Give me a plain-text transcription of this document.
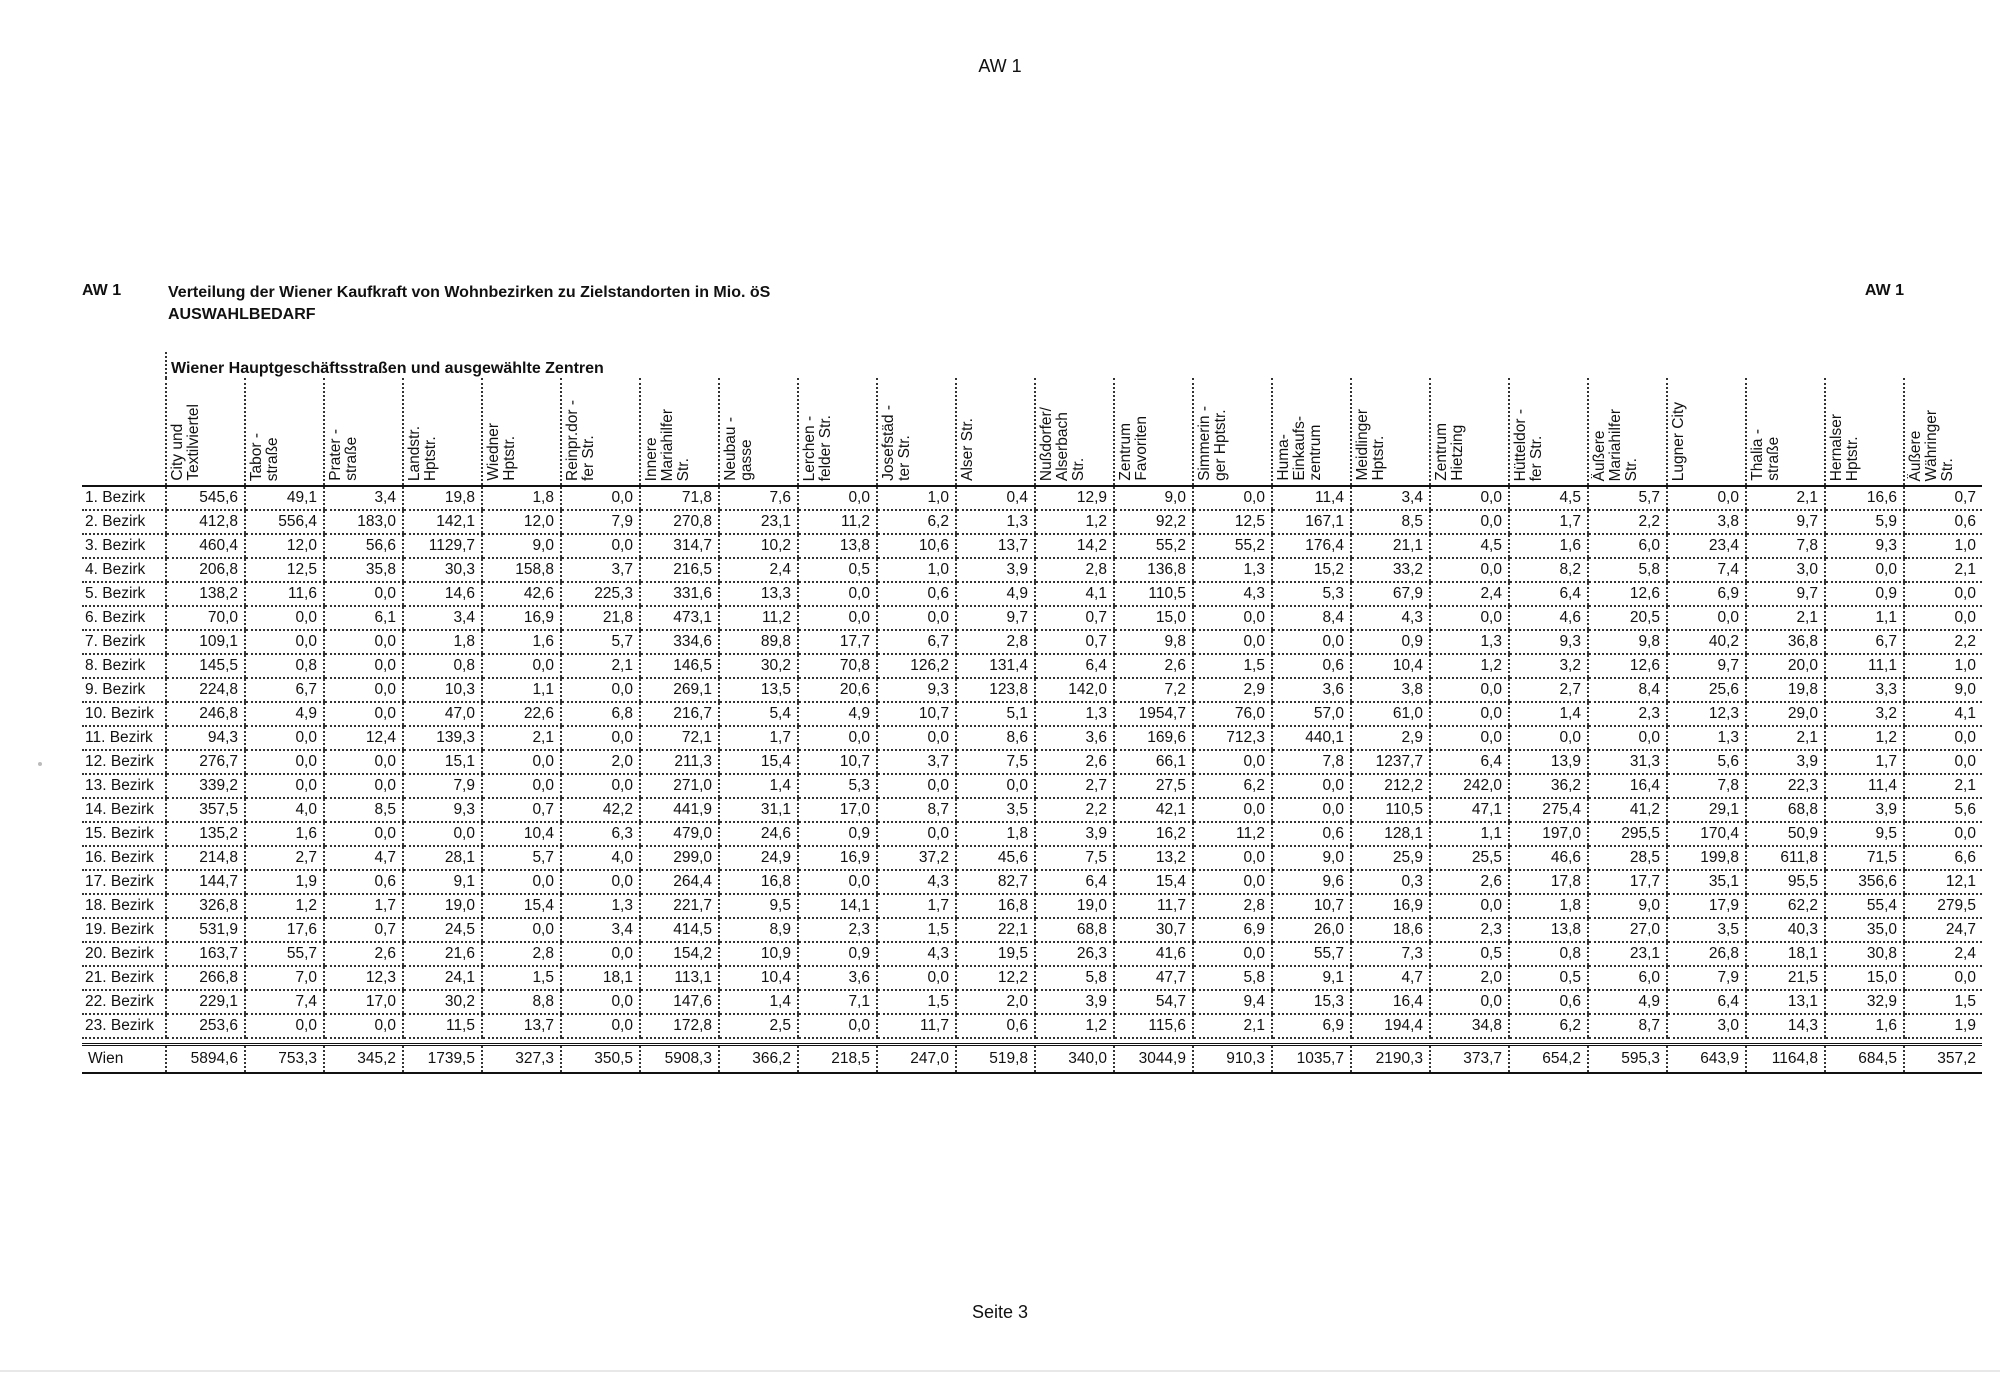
AW 1
AW 1	AW 1
Verteilung der Wiener Kaufkraft von Wohnbezirken zu Zielstandorten in Mio. öS
AUSWAHLBEDARF
	Wiener Hauptgeschäftsstraßen und ausgewählte Zentren																						

	City und
Textilviertel	Tabor -
straße	Prater -
straße	Landstr.
Hptstr.	Wiedner
Hptstr.	Reinpr.dor -
fer Str.	Innere
Mariahilfer
Str.	Neubau -
gasse	Lerchen -
felder Str.	Josefstäd -
ter Str.	Alser Str.	Nußdorfer/
Alserbach
Str.	Zentrum
Favoriten	Simmerin -
ger Hptstr.	Huma-
Einkaufs-
zentrum	Meidlinger
Hptstr.	Zentrum
Hietzing	Hütteldor -
fer Str.	Äußere
Mariahilfer
Str.	Lugner City	Thalia -
straße	Hernalser
Hptstr.	Äußere
Währinger
Str.

1. Bezirk	545,6	49,1	3,4	19,8	1,8	0,0	71,8	7,6	0,0	1,0	0,4	12,9	9,0	0,0	11,4	3,4	0,0	4,5	5,7	0,0	2,1	16,6	0,7
2. Bezirk	412,8	556,4	183,0	142,1	12,0	7,9	270,8	23,1	11,2	6,2	1,3	1,2	92,2	12,5	167,1	8,5	0,0	1,7	2,2	3,8	9,7	5,9	0,6
3. Bezirk	460,4	12,0	56,6	1129,7	9,0	0,0	314,7	10,2	13,8	10,6	13,7	14,2	55,2	55,2	176,4	21,1	4,5	1,6	6,0	23,4	7,8	9,3	1,0
4. Bezirk	206,8	12,5	35,8	30,3	158,8	3,7	216,5	2,4	0,5	1,0	3,9	2,8	136,8	1,3	15,2	33,2	0,0	8,2	5,8	7,4	3,0	0,0	2,1
5. Bezirk	138,2	11,6	0,0	14,6	42,6	225,3	331,6	13,3	0,0	0,6	4,9	4,1	110,5	4,3	5,3	67,9	2,4	6,4	12,6	6,9	9,7	0,9	0,0
6. Bezirk	70,0	0,0	6,1	3,4	16,9	21,8	473,1	11,2	0,0	0,0	9,7	0,7	15,0	0,0	8,4	4,3	0,0	4,6	20,5	0,0	2,1	1,1	0,0
7. Bezirk	109,1	0,0	0,0	1,8	1,6	5,7	334,6	89,8	17,7	6,7	2,8	0,7	9,8	0,0	0,0	0,9	1,3	9,3	9,8	40,2	36,8	6,7	2,2
8. Bezirk	145,5	0,8	0,0	0,8	0,0	2,1	146,5	30,2	70,8	126,2	131,4	6,4	2,6	1,5	0,6	10,4	1,2	3,2	12,6	9,7	20,0	11,1	1,0
9. Bezirk	224,8	6,7	0,0	10,3	1,1	0,0	269,1	13,5	20,6	9,3	123,8	142,0	7,2	2,9	3,6	3,8	0,0	2,7	8,4	25,6	19,8	3,3	9,0
10. Bezirk	246,8	4,9	0,0	47,0	22,6	6,8	216,7	5,4	4,9	10,7	5,1	1,3	1954,7	76,0	57,0	61,0	0,0	1,4	2,3	12,3	29,0	3,2	4,1
11. Bezirk	94,3	0,0	12,4	139,3	2,1	0,0	72,1	1,7	0,0	0,0	8,6	3,6	169,6	712,3	440,1	2,9	0,0	0,0	0,0	1,3	2,1	1,2	0,0
12. Bezirk	276,7	0,0	0,0	15,1	0,0	2,0	211,3	15,4	10,7	3,7	7,5	2,6	66,1	0,0	7,8	1237,7	6,4	13,9	31,3	5,6	3,9	1,7	0,0
13. Bezirk	339,2	0,0	0,0	7,9	0,0	0,0	271,0	1,4	5,3	0,0	0,0	2,7	27,5	6,2	0,0	212,2	242,0	36,2	16,4	7,8	22,3	11,4	2,1
14. Bezirk	357,5	4,0	8,5	9,3	0,7	42,2	441,9	31,1	17,0	8,7	3,5	2,2	42,1	0,0	0,0	110,5	47,1	275,4	41,2	29,1	68,8	3,9	5,6
15. Bezirk	135,2	1,6	0,0	0,0	10,4	6,3	479,0	24,6	0,9	0,0	1,8	3,9	16,2	11,2	0,6	128,1	1,1	197,0	295,5	170,4	50,9	9,5	0,0
16. Bezirk	214,8	2,7	4,7	28,1	5,7	4,0	299,0	24,9	16,9	37,2	45,6	7,5	13,2	0,0	9,0	25,9	25,5	46,6	28,5	199,8	611,8	71,5	6,6
17. Bezirk	144,7	1,9	0,6	9,1	0,0	0,0	264,4	16,8	0,0	4,3	82,7	6,4	15,4	0,0	9,6	0,3	2,6	17,8	17,7	35,1	95,5	356,6	12,1
18. Bezirk	326,8	1,2	1,7	19,0	15,4	1,3	221,7	9,5	14,1	1,7	16,8	19,0	11,7	2,8	10,7	16,9	0,0	1,8	9,0	17,9	62,2	55,4	279,5
19. Bezirk	531,9	17,6	0,7	24,5	0,0	3,4	414,5	8,9	2,3	1,5	22,1	68,8	30,7	6,9	26,0	18,6	2,3	13,8	27,0	3,5	40,3	35,0	24,7
20. Bezirk	163,7	55,7	2,6	21,6	2,8	0,0	154,2	10,9	0,9	4,3	19,5	26,3	41,6	0,0	55,7	7,3	0,5	0,8	23,1	26,8	18,1	30,8	2,4
21. Bezirk	266,8	7,0	12,3	24,1	1,5	18,1	113,1	10,4	3,6	0,0	12,2	5,8	47,7	5,8	9,1	4,7	2,0	0,5	6,0	7,9	21,5	15,0	0,0
22. Bezirk	229,1	7,4	17,0	30,2	8,8	0,0	147,6	1,4	7,1	1,5	2,0	3,9	54,7	9,4	15,3	16,4	0,0	0,6	4,9	6,4	13,1	32,9	1,5
23. Bezirk	253,6	0,0	0,0	11,5	13,7	0,0	172,8	2,5	0,0	11,7	0,6	1,2	115,6	2,1	6,9	194,4	34,8	6,2	8,7	3,0	14,3	1,6	1,9

Wien	5894,6	753,3	345,2	1739,5	327,3	350,5	5908,3	366,2	218,5	247,0	519,8	340,0	3044,9	910,3	1035,7	2190,3	373,7	654,2	595,3	643,9	1164,8	684,5	357,2
Seite 3
